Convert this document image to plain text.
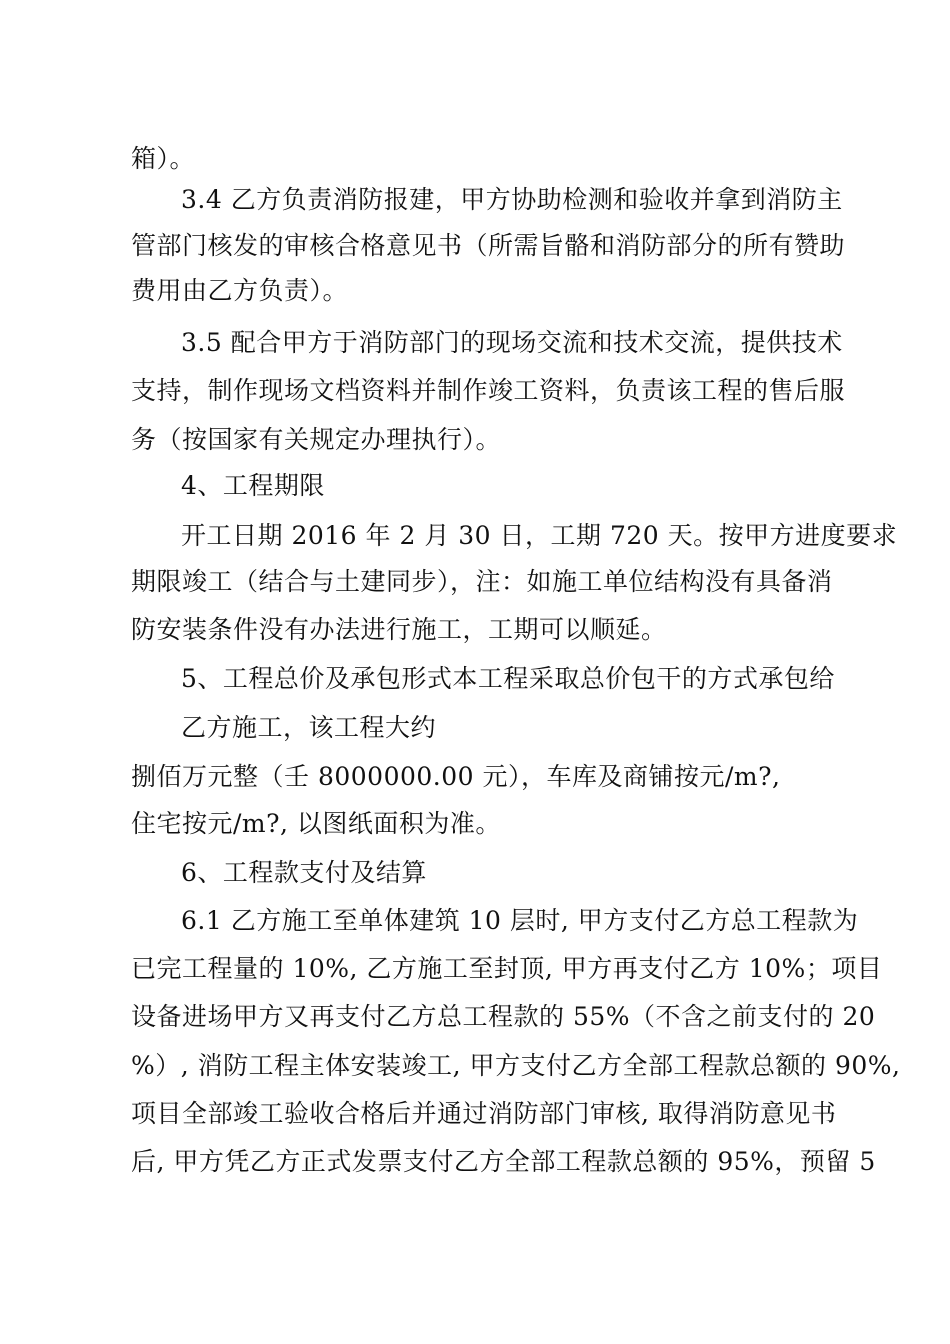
箱）。
3.4 乙方负责消防报建，甲方协助检测和验收并拿到消防主
管部门核发的审核合格意见书（所需旨骼和消防部分的所有赞助
费用由乙方负责）。
3.5 配合甲方于消防部门的现场交流和技术交流，提供技术
支持，制作现场文档资料并制作竣工资料，负责该工程的售后服
务（按国家有关规定办理执行）。
4、工程期限
开工日期 2016 年 2 月 30 日，工期 720 天。按甲方进度要求
期限竣工（结合与土建同步），注：如施工单位结构没有具备消
防安装条件没有办法进行施工，工期可以顺延。
5、工程总价及承包形式本工程采取总价包干的方式承包给
乙方施工，该工程大约
捌佰万元整（壬 8000000.00 元），车库及商铺按元/m?,
住宅按元/m?, 以图纸面积为准。
6、工程款支付及结算
6.1 乙方施工至单体建筑 10 层时, 甲方支付乙方总工程款为
已完工程量的 10%, 乙方施工至封顶, 甲方再支付乙方 10%；项目
设备进场甲方又再支付乙方总工程款的 55%（不含之前支付的 20
%）, 消防工程主体安装竣工, 甲方支付乙方全部工程款总额的 90%,
项目全部竣工验收合格后并通过消防部门审核, 取得消防意见书
后, 甲方凭乙方正式发票支付乙方全部工程款总额的 95%，预留 5
